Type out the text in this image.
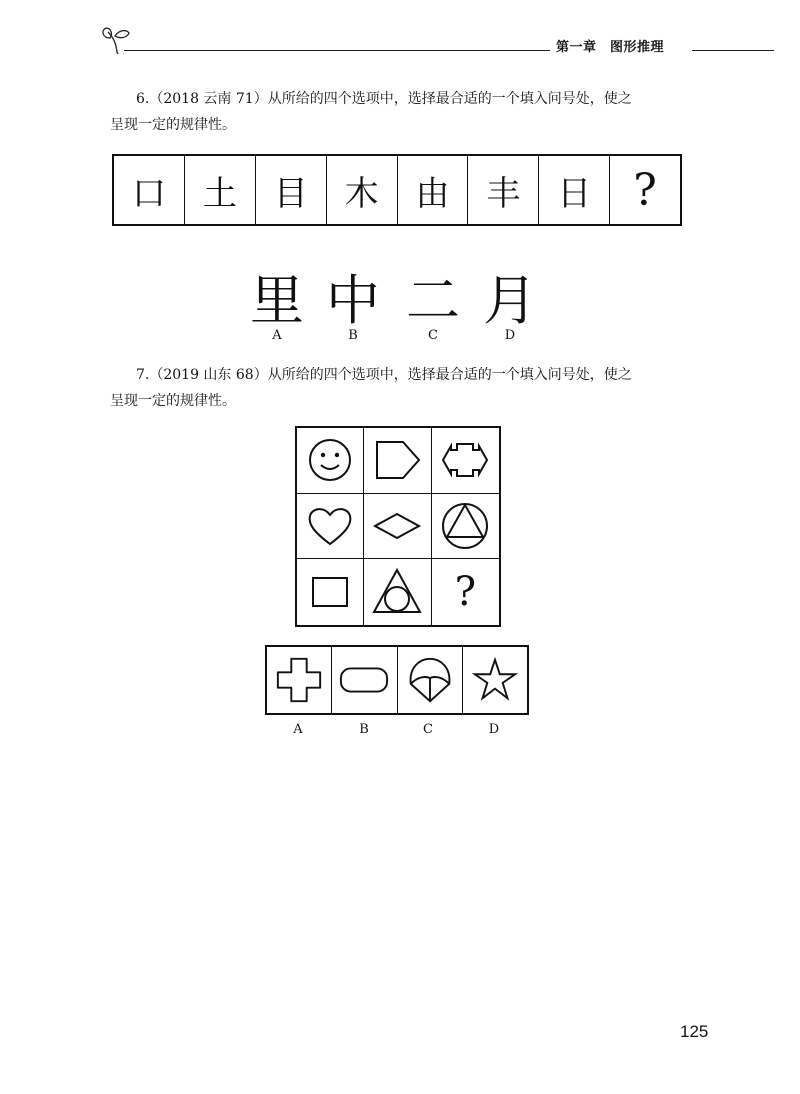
第一章　图形推理
6.（2018 云南 71）从所给的四个选项中，选择最合适的一个填入问号处，使之
呈现一定的规律性。
口	土	目	木	由	丰	日 ?
里 中 二 月
A	B	C	D
7.（2019 山东 68）从所给的四个选项中，选择最合适的一个填入问号处，使之
呈现一定的规律性。
?
A	B	C	D
125
